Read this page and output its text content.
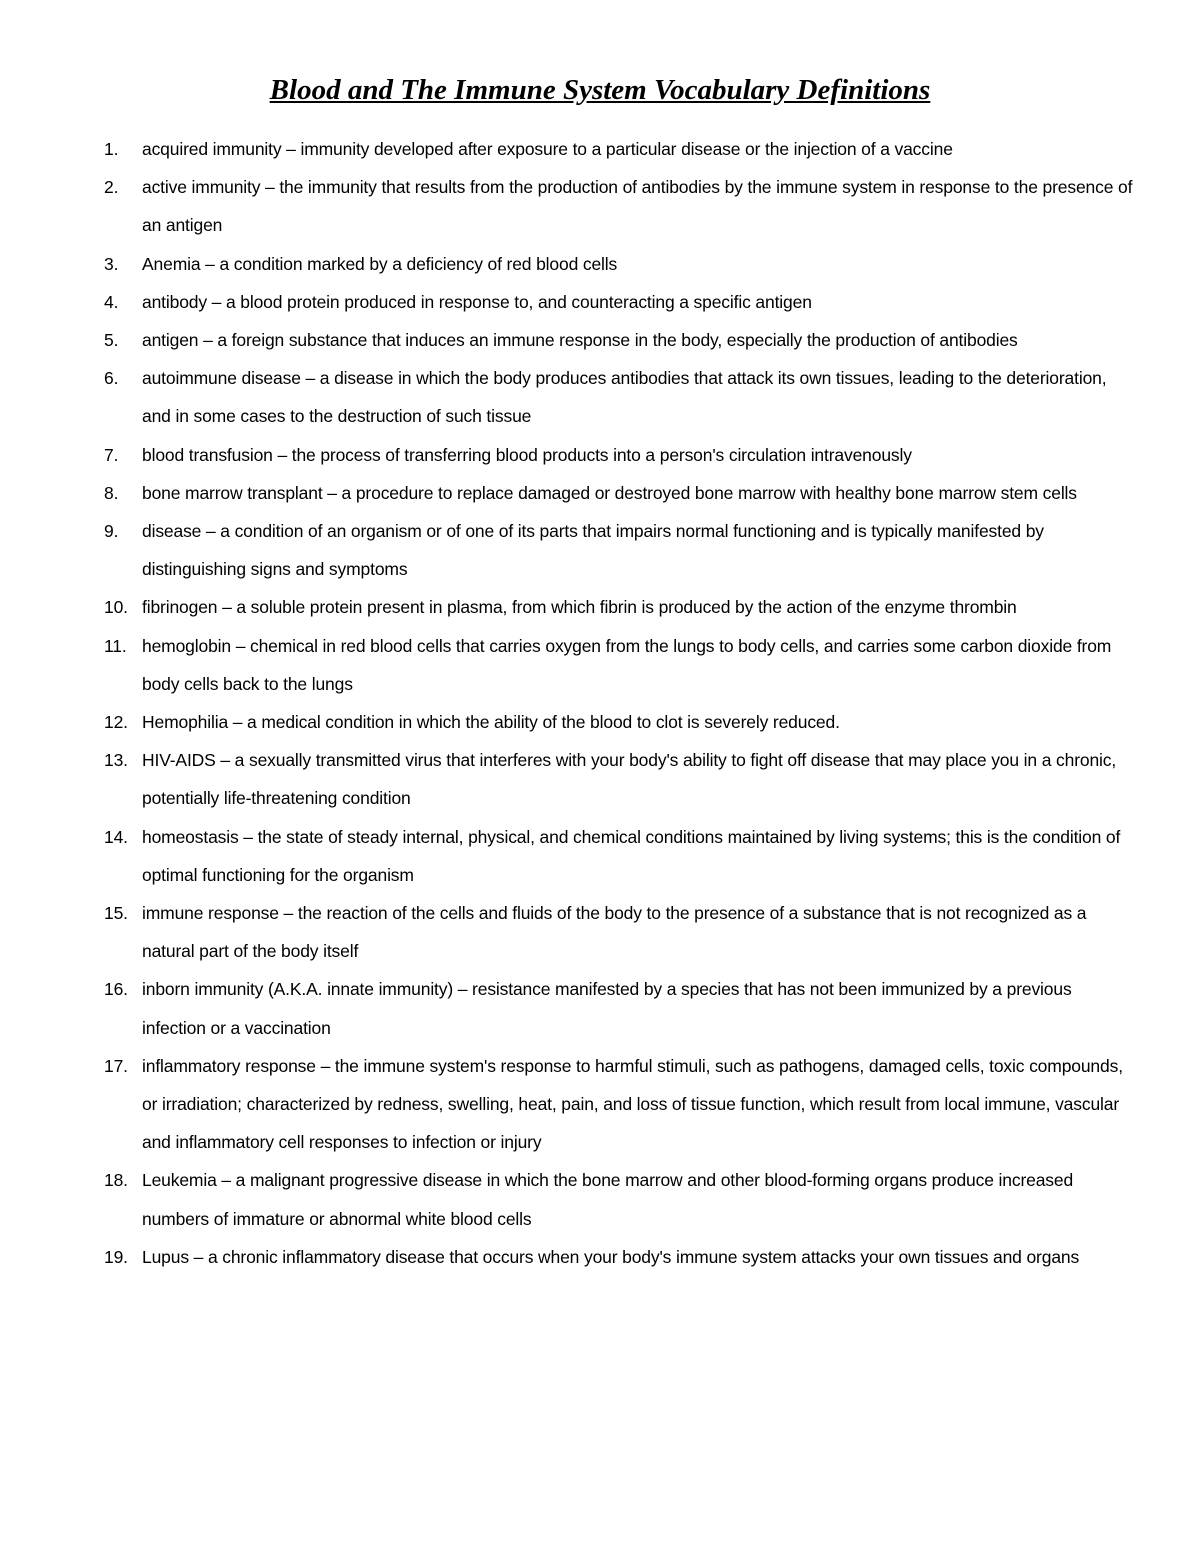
Blood and The Immune System Vocabulary Definitions
1.	acquired immunity – immunity developed after exposure to a particular disease or the injection of a vaccine
2.	active immunity – the immunity that results from the production of antibodies by the immune system in response to the presence of an antigen
3.	Anemia – a condition marked by a deficiency of red blood cells
4.	antibody – a blood protein produced in response to, and counteracting a specific antigen
5.	antigen – a foreign substance that induces an immune response in the body, especially the production of antibodies
6.	autoimmune disease – a disease in which the body produces antibodies that attack its own tissues, leading to the deterioration, and in some cases to the destruction of such tissue
7.	blood transfusion – the process of transferring blood products into a person's circulation intravenously
8.	bone marrow transplant – a procedure to replace damaged or destroyed bone marrow with healthy bone marrow stem cells
9.	disease – a condition of an organism or of one of its parts that impairs normal functioning and is typically manifested by distinguishing signs and symptoms
10. fibrinogen – a soluble protein present in plasma, from which fibrin is produced by the action of the enzyme thrombin
11. hemoglobin – chemical in red blood cells that carries oxygen from the lungs to body cells, and carries some carbon dioxide from body cells back to the lungs
12. Hemophilia – a medical condition in which the ability of the blood to clot is severely reduced.
13. HIV-AIDS – a sexually transmitted virus that interferes with your body's ability to fight off disease that may place you in a chronic, potentially life-threatening condition
14. homeostasis – the state of steady internal, physical, and chemical conditions maintained by living systems; this is the condition of optimal functioning for the organism
15. immune response – the reaction of the cells and fluids of the body to the presence of a substance that is not recognized as a natural part of the body itself
16. inborn immunity (A.K.A. innate immunity) – resistance manifested by a species that has not been immunized by a previous infection or a vaccination
17. inflammatory response – the immune system's response to harmful stimuli, such as pathogens, damaged cells, toxic compounds, or irradiation; characterized by redness, swelling, heat, pain, and loss of tissue function, which result from local immune, vascular and inflammatory cell responses to infection or injury
18. Leukemia – a malignant progressive disease in which the bone marrow and other blood-forming organs produce increased numbers of immature or abnormal white blood cells
19. Lupus – a chronic inflammatory disease that occurs when your body's immune system attacks your own tissues and organs
